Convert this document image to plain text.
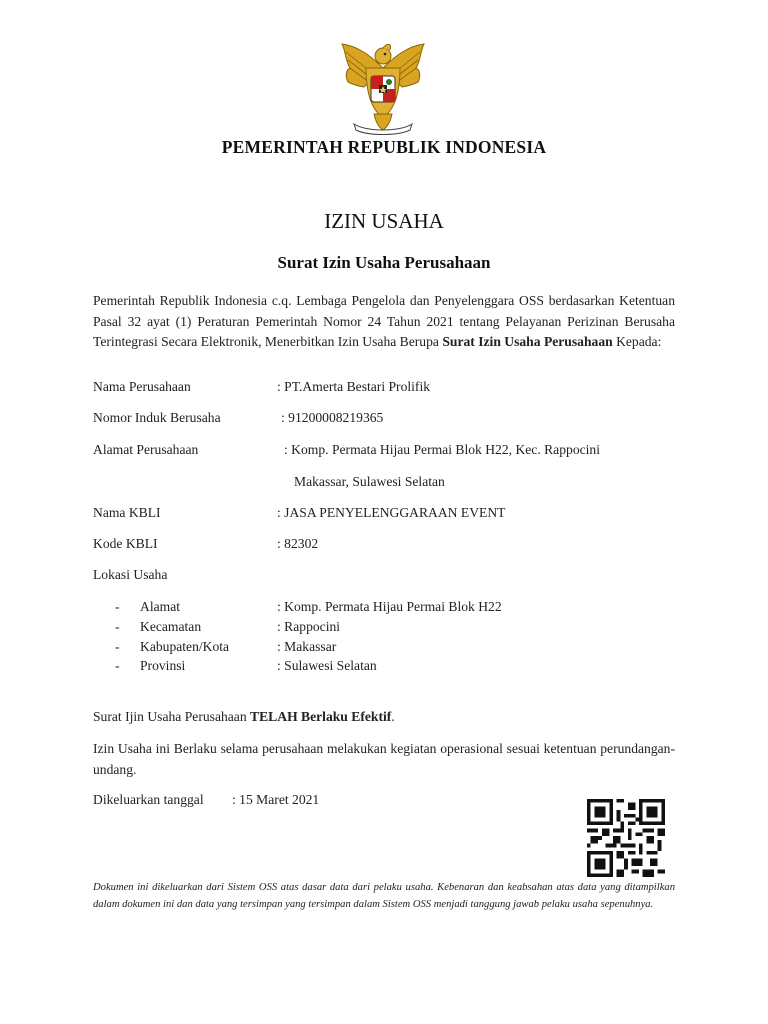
PEMERINTAH REPUBLIK INDONESIA
IZIN USAHA
Surat Izin Usaha Perusahaan
Pemerintah Republik Indonesia c.q. Lembaga Pengelola dan Penyelenggara OSS berdasarkan Ketentuan Pasal 32 ayat (1) Peraturan Pemerintah Nomor 24 Tahun 2021 tentang Pelayanan Perizinan Berusaha Terintegrasi Secara Elektronik, Menerbitkan Izin Usaha Berupa Surat Izin Usaha Perusahaan Kepada:
Nama Perusahaan	: PT.Amerta Bestari Prolifik
Nomor Induk Berusaha	: 91200008219365
Alamat Perusahaan	: Komp. Permata Hijau Permai Blok H22, Kec. Rappocini
Makassar, Sulawesi Selatan
Nama KBLI	: JASA PENYELENGGARAAN EVENT
Kode KBLI	: 82302
Lokasi Usaha
- Alamat	: Komp. Permata Hijau Permai Blok H22
- Kecamatan	: Rappocini
- Kabupaten/Kota	: Makassar
- Provinsi	: Sulawesi Selatan
Surat Ijin Usaha Perusahaan TELAH Berlaku Efektif.
Izin Usaha ini Berlaku selama perusahaan melakukan kegiatan operasional sesuai ketentuan perundangan-undang.
Dikeluarkan tanggal : 15 Maret 2021
Dokumen ini dikeluarkan dari Sistem OSS atas dasar data dari pelaku usaha. Kebenaran dan keabsahan atas data yang ditampilkan dalam dokumen ini dan data yang tersimpan yang tersimpan dalam Sistem OSS menjadi tanggung jawab pelaku usaha sepenuhnya.
